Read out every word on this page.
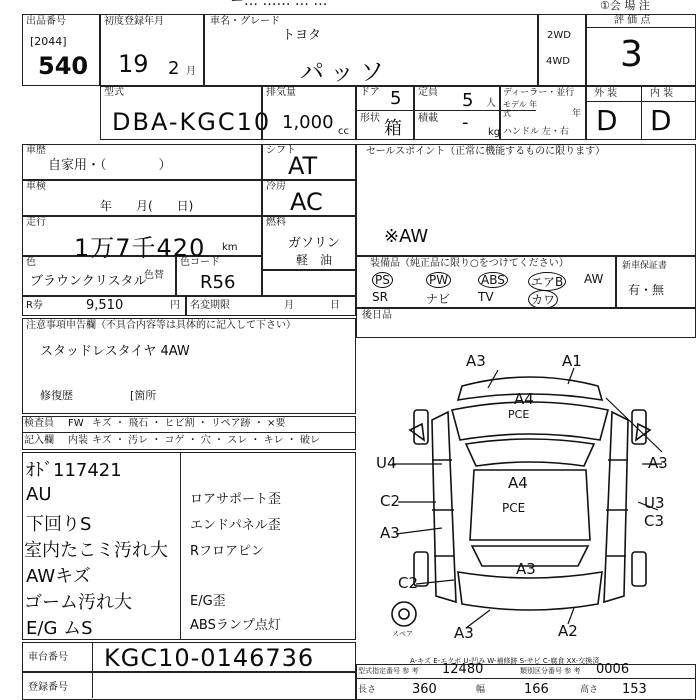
ー… …… … …	①会 場 注
出品番号
[2044]
540
初度登録年月
19 2 月
車名・グレード
トヨタ
パッソ
2WD
4WD
評 価 点
3
型式
DBA-KGC10
排気量
1,000 cc
ドア 5
形状 箱
定員 5 人
積載 - kg
ディーラー・並行
モデル 年式	年
ハンドル 左・右
外 装	内 装
D D
車歴
自家用・（　　　　）
シフト
AT
車検
年　　月(　　日)
冷房
AC
走行
1万7千420 km
燃料
ガソリン
軽　油
色
ブラウンクリスタル
色替
色コード
R56
R券	9,510	円 名変期限	月	日
セールスポイント（正常に機能するものに限ります）
※AW
装備品（純正品に限り○をつけてください）
PS	PW	ABS エアB AW
SR	ナビ TV	カワ
新車保証書
有・無
後日品
注意事項申告欄（不具合内容等は具体的に記入して下さい）
スタッドレスタイヤ 4AW
修復歴	[箇所
検査員
記入欄
FW キズ ・ 飛石 ・ ヒビ割 ・ リペア跡 ・ ×要
内装 キズ ・ 汚レ ・ コゲ ・ 穴 ・ スレ ・ キレ ・ 破レ
ｵﾄﾞ117421
AU
下回りS
室内たこミ汚れ大
AWキズ
ゴーム汚れ大
E/G ムS
ロアサポート歪
エンドパネル歪
Rフロアピン
E/G歪
ABSランプ点灯
車台番号 KGC10-0146736
登録番号
A-キズ E-エクボ U-凹み W-補修跡 S-サビ C-腐食 XX-交換済
型式指定番号 参 考 12480	類別区分番号 参 考 0006
長さ	360	幅	166	高さ 153
A3	A1
A4
PCE
A3
U4
C2	U3
C3
A3
A4
PCE
A3
C2
A2
A3
スペア
